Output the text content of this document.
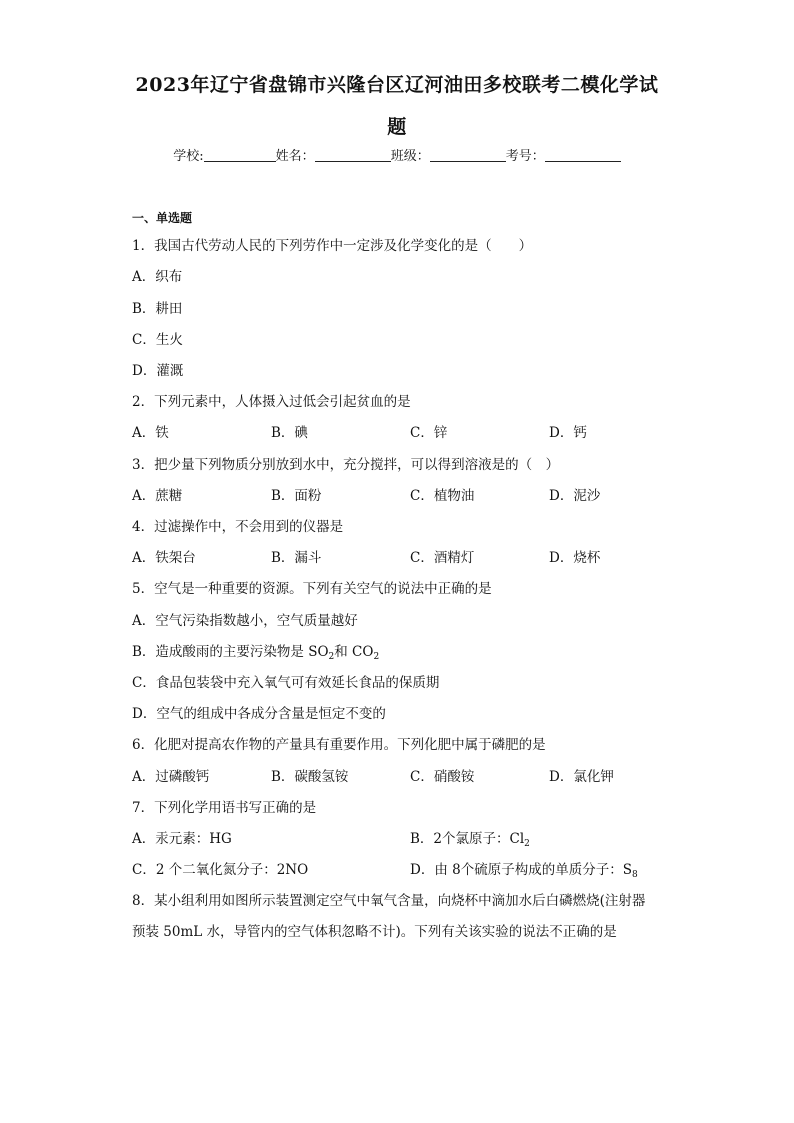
2023年辽宁省盘锦市兴隆台区辽河油田多校联考二模化学试
题
学校:	姓名：	班级：	考号：
一、单选题
1．我国古代劳动人民的下列劳作中一定涉及化学变化的是（　　）
A．织布
B．耕田
C．生火
D．灌溉
2．下列元素中，人体摄入过低会引起贫血的是
A．铁	B．碘	C．锌	D．钙
3．把少量下列物质分别放到水中，充分搅拌，可以得到溶液是的（　）
A．蔗糖	B．面粉	C．植物油	D．泥沙
4．过滤操作中，不会用到的仪器是
A．铁架台	B．漏斗	C．酒精灯	D．烧杯
5．空气是一种重要的资源。下列有关空气的说法中正确的是
A．空气污染指数越小，空气质量越好
B．造成酸雨的主要污染物是 $SO_2$和 $CO_2$
C．食品包装袋中充入氧气可有效延长食品的保质期
D．空气的组成中各成分含量是恒定不变的
6．化肥对提高农作物的产量具有重要作用。下列化肥中属于磷肥的是
A．过磷酸钙	B．碳酸氢铵	C．硝酸铵	D．氯化钾
7．下列化学用语书写正确的是
A．汞元素：HG	B．2个氯原子：$Cl_2$
C．2 个二氧化氮分子：2NO	D．由 8个硫原子构成的单质分子：$S_8$
8．某小组利用如图所示装置测定空气中氧气含量，向烧杯中滴加水后白磷燃烧(注射器
预装 50mL 水，导管内的空气体积忽略不计)。下列有关该实验的说法不正确的是
